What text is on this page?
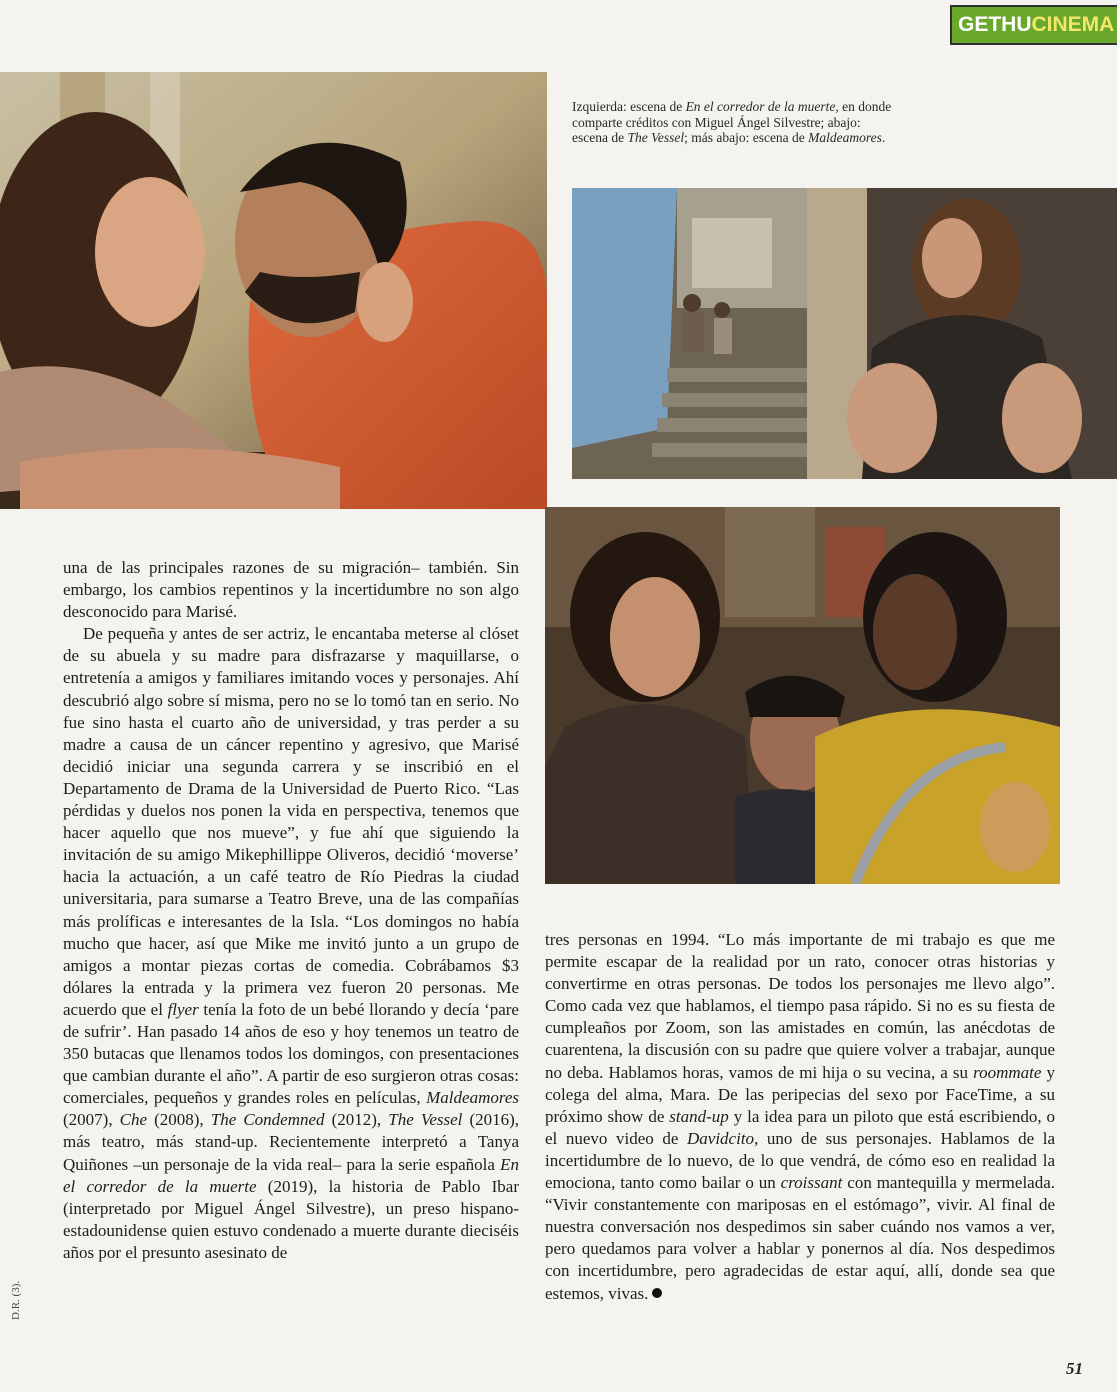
GETHU CINEMA
Izquierda: escena de En el corredor de la muerte, en donde comparte créditos con Miguel Ángel Silvestre; abajo: escena de The Vessel; más abajo: escena de Maldeamores.

una de las principales razones de su migración– también. Sin embargo, los cambios repentinos y la incertidumbre no son algo desconocido para Marisé.

De pequeña y antes de ser actriz, le encantaba meterse al clóset de su abuela y su madre para disfrazarse y maquillarse, o entretenía a amigos y familiares imitando voces y personajes. Ahí descubrió algo sobre sí misma, pero no se lo tomó tan en serio. No fue sino hasta el cuarto año de universidad, y tras perder a su madre a causa de un cáncer repentino y agresivo, que Marisé decidió iniciar una segunda carrera y se inscribió en el Departamento de Drama de la Universidad de Puerto Rico. “Las pérdidas y duelos nos ponen la vida en perspectiva, tenemos que hacer aquello que nos mueve”, y fue ahí que siguiendo la invitación de su amigo Mikephillippe Oliveros, decidió ‘moverse’ hacia la actuación, a un café teatro de Río Piedras la ciudad universitaria, para sumarse a Teatro Breve, una de las compañías más prolíficas e interesantes de la Isla. “Los domingos no había mucho que hacer, así que Mike me invitó junto a un grupo de amigos a montar piezas cortas de comedia. Cobrábamos $3 dólares la entrada y la primera vez fueron 20 personas. Me acuerdo que el flyer tenía la foto de un bebé llorando y decía ‘pare de sufrir’. Han pasado 14 años de eso y hoy tenemos un teatro de 350 butacas que llenamos todos los domingos, con presentaciones que cambian durante el año”. A partir de eso surgieron otras cosas: comerciales, pequeños y grandes roles en películas, Maldeamores (2007), Che (2008), The Condemned (2012), The Vessel (2016), más teatro, más stand-up. Recientemente interpretó a Tanya Quiñones –un personaje de la vida real– para la serie española En el corredor de la muerte (2019), la historia de Pablo Ibar (interpretado por Miguel Ángel Silvestre), un preso hispano-estadounidense quien estuvo condenado a muerte durante dieciséis años por el presunto asesinato de

tres personas en 1994. “Lo más importante de mi trabajo es que me permite escapar de la realidad por un rato, conocer otras historias y convertirme en otras personas. De todos los personajes me llevo algo”. Como cada vez que hablamos, el tiempo pasa rápido. Si no es su fiesta de cumpleaños por Zoom, son las amistades en común, las anécdotas de cuarentena, la discusión con su padre que quiere volver a trabajar, aunque no deba. Hablamos horas, vamos de mi hija o su vecina, a su roommate y colega del alma, Mara. De las peripecias del sexo por FaceTime, a su próximo show de stand-up y la idea para un piloto que está escribiendo, o el nuevo video de Davidcito, uno de sus personajes. Hablamos de la incertidumbre de lo nuevo, de lo que vendrá, de cómo eso en realidad la emociona, tanto como bailar o un croissant con mantequilla y mermelada. “Vivir constantemente con mariposas en el estómago”, vivir. Al final de nuestra conversación nos despedimos sin saber cuándo nos vamos a ver, pero quedamos para volver a hablar y ponernos al día. Nos despedimos con incertidumbre, pero agradecidas de estar aquí, allí, donde sea que estemos, vivas.

D.R. (3).
51
